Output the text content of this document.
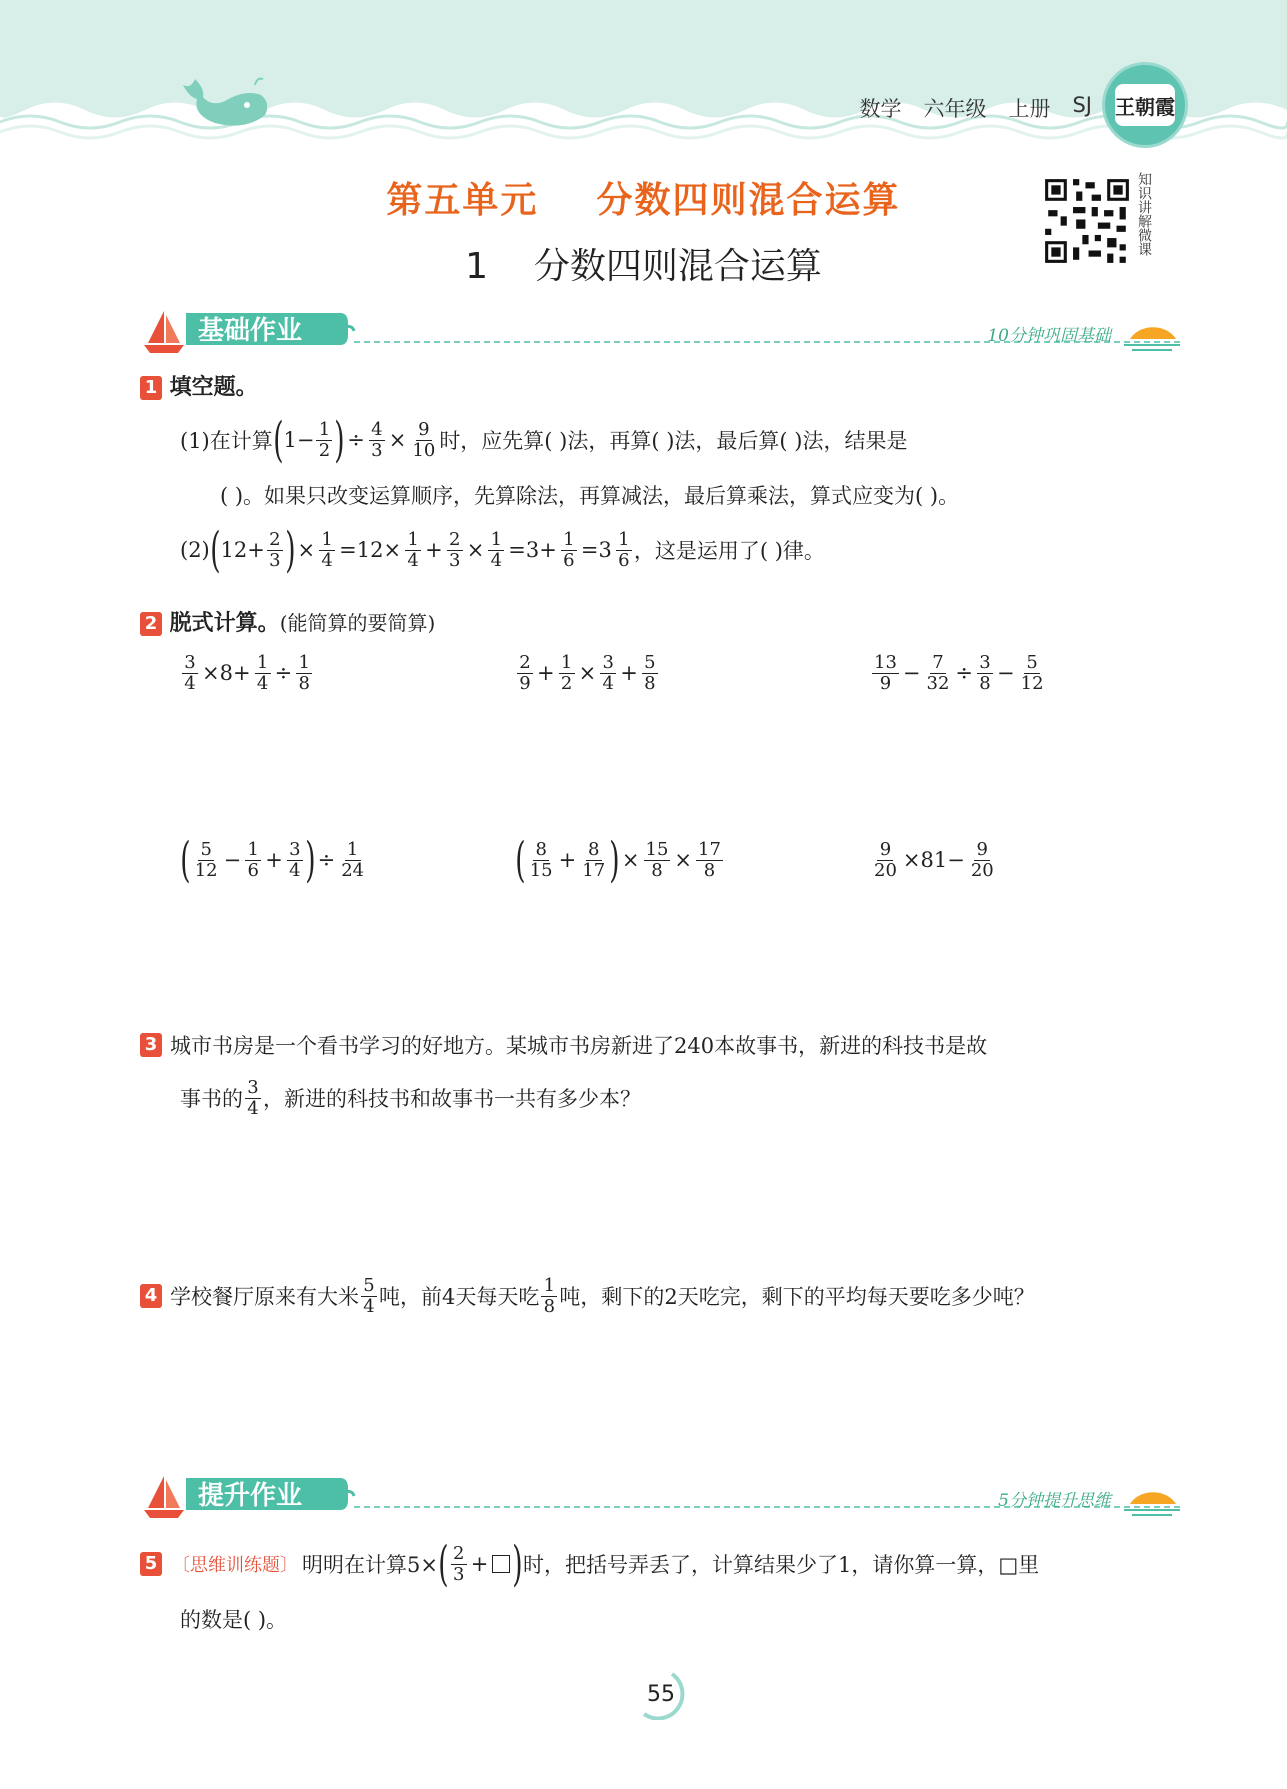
数学 六年级 上册 SJ 王朝霞
第五单元    分数四则混合运算
1    分数四则混合运算
知识讲解微课
基础作业	10分钟巩固基础
1 填空题。
(1)在计算 ( $1- \frac{1}{2}$ ) ÷ $\frac{4}{3} \times \frac{9}{10}$ 时，应先算( )法，再算( )法，最后算( )法，结果是
( )。如果只改变运算顺序，先算除法，再算减法，最后算乘法，算式应变为( )。
(2) ( $12+ \frac{2}{3}$ ) × $\frac{1}{4} =12\times \frac{1}{4} + \frac{2}{3} \times \frac{1}{4} =3+ \frac{1}{6} =3 \frac{1}{6}$ ，这是运用了( )律。
2 脱式计算。(能简算的要简算)
$\frac{3}{4} \times 8+ \frac{1}{4} \div \frac{1}{8}$	$\frac{2}{9} + \frac{1}{2} \times \frac{3}{4} + \frac{5}{8}$	$\frac{13}{9} - \frac{7}{32} \div \frac{3}{8} - \frac{5}{12}$
( $\frac{5}{12} - \frac{1}{6} + \frac{3}{4}$ ) ÷ $\frac{1}{24}$	( $\frac{8}{15} + \frac{8}{17}$ ) × $\frac{15}{8} \times \frac{17}{8}$	$\frac{9}{20} \times 81- \frac{9}{20}$
3 城市书房是一个看书学习的好地方。某城市书房新进了240本故事书，新进的科技书是故
事书的 $\frac{3}{4}$ ，新进的科技书和故事书一共有多少本？
4 学校餐厅原来有大米 $\frac{5}{4}$ 吨，前4天每天吃 $\frac{1}{8}$ 吨，剩下的2天吃完，剩下的平均每天要吃多少吨？
提升作业	5分钟提升思维
5 〔思维训练题〕 明明在计算5× ( $\frac{2}{3}$ + ) 时，把括号弄丢了，计算结果少了1，请你算一算，□里
的数是( )。
55
